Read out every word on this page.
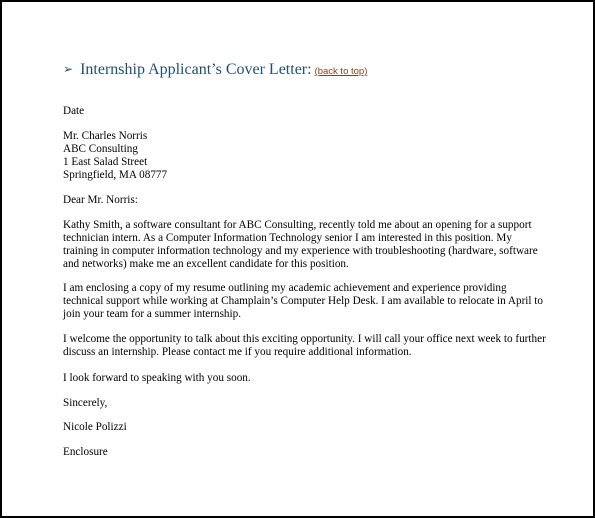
➢ Internship Applicant’s Cover Letter: (back to top)
Date
Mr. Charles Norris
ABC Consulting
1 East Salad Street
Springfield, MA 08777
Dear Mr. Norris:
Kathy Smith, a software consultant for ABC Consulting, recently told me about an opening for a support
technician intern. As a Computer Information Technology senior I am interested in this position. My
training in computer information technology and my experience with troubleshooting (hardware, software
and networks) make me an excellent candidate for this position.
I am enclosing a copy of my resume outlining my academic achievement and experience providing
technical support while working at Champlain’s Computer Help Desk. I am available to relocate in April to
join your team for a summer internship.
I welcome the opportunity to talk about this exciting opportunity. I will call your office next week to further
discuss an internship. Please contact me if you require additional information.
I look forward to speaking with you soon.
Sincerely,
Nicole Polizzi
Enclosure
